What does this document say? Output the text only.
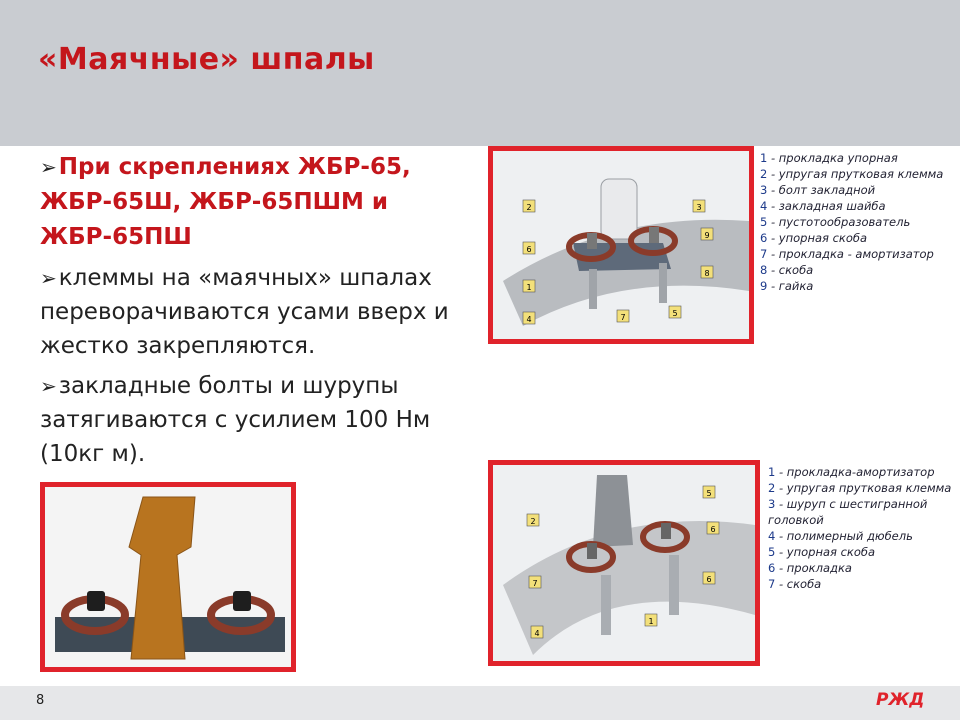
«Маячные» шпалы
➢При скреплениях ЖБР-65, ЖБР-65Ш, ЖБР-65ПШМ и ЖБР-65ПШ
➢клеммы на «маячных» шпалах переворачиваются усами вверх и жестко закрепляются.
➢закладные болты и шурупы затягиваются с усилием 100 Нм (10кг м).
2
6
1
4	7	5
3
9
8
1 - прокладка упорная
2 - упругая прутковая клемма
3 - болт закладной
4 - закладная шайба
5 - пустотообразователь
6 - упорная скоба
7 - прокладка - амортизатор
8 - скоба
9 - гайка
2
7
4
1
5
6
6
1 - прокладка-амортизатор
2 - упругая прутковая клемма
3 - шуруп с шестигранной головкой
4 - полимерный дюбель
5 - упорная скоба
6 - прокладка
7 - скоба
8	РЖД
